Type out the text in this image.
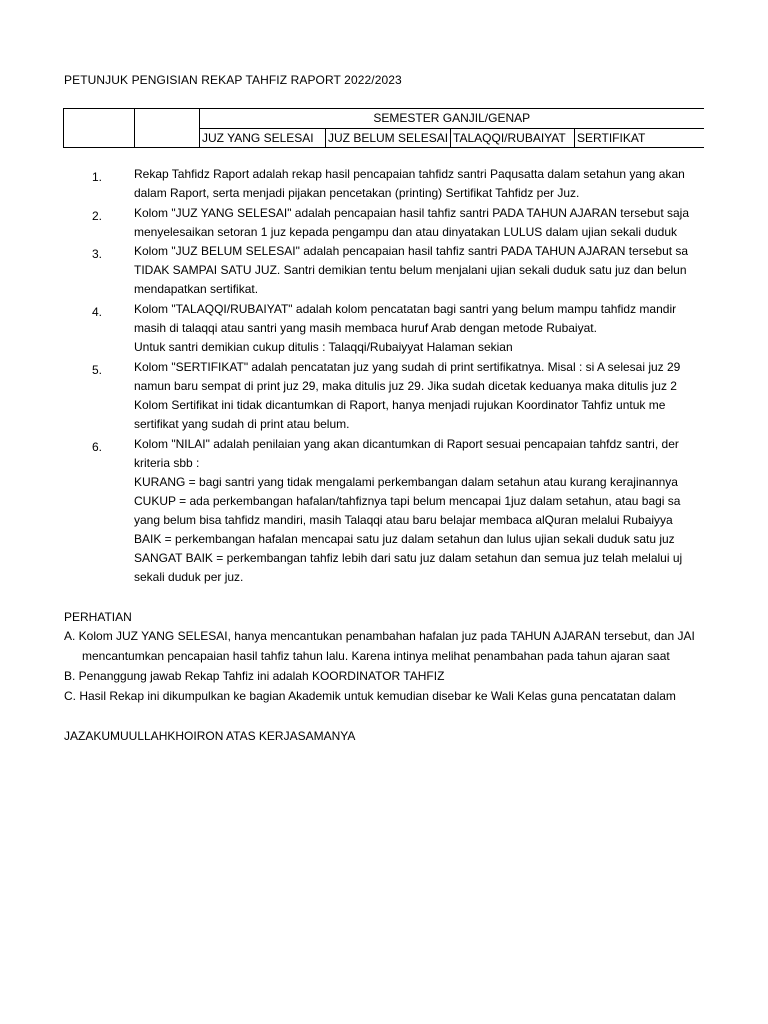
PETUNJUK PENGISIAN REKAP TAHFIZ RAPORT 2022/2023
		SEMESTER GANJIL/GENAP			
		JUZ YANG SELESAI	JUZ BELUM SELESAI	TALAQQI/RUBAIYAT	SERTIFIKAT
1.	Rekap Tahfidz Raport adalah rekap hasil pencapaian tahfidz santri Paqusatta dalam setahun yang akan
dalam Raport, serta menjadi pijakan pencetakan (printing) Sertifikat Tahfidz per Juz.
2.	Kolom "JUZ YANG SELESAI" adalah pencapaian hasil tahfiz santri PADA TAHUN AJARAN tersebut saja
menyelesaikan setoran 1 juz kepada pengampu dan atau dinyatakan LULUS dalam ujian sekali duduk
3.	Kolom "JUZ BELUM SELESAI" adalah pencapaian hasil tahfiz santri PADA TAHUN AJARAN tersebut sa
TIDAK SAMPAI SATU JUZ. Santri demikian tentu belum menjalani ujian sekali duduk satu juz dan belun
mendapatkan sertifikat.
4.	Kolom "TALAQQI/RUBAIYAT" adalah kolom pencatatan bagi santri yang belum mampu tahfidz mandir
masih di talaqqi atau santri yang masih membaca huruf Arab dengan metode Rubaiyat.
Untuk santri demikian cukup ditulis : Talaqqi/Rubaiyyat Halaman sekian
5.	Kolom "SERTIFIKAT" adalah pencatatan juz yang sudah di print sertifikatnya. Misal : si A selesai juz 29
namun baru sempat di print juz 29, maka ditulis juz 29. Jika sudah dicetak keduanya maka ditulis juz 2
Kolom Sertifikat ini tidak dicantumkan di Raport, hanya menjadi rujukan Koordinator Tahfiz untuk me
sertifikat yang sudah di print atau belum.
6.	Kolom "NILAI" adalah penilaian yang akan dicantumkan di Raport sesuai pencapaian tahfdz santri, der
kriteria sbb :
KURANG = bagi santri yang tidak mengalami perkembangan dalam setahun atau kurang kerajinannya
CUKUP = ada perkembangan hafalan/tahfiznya tapi belum mencapai 1juz dalam setahun, atau bagi sa
yang belum bisa tahfidz mandiri, masih Talaqqi atau baru belajar membaca alQuran melalui Rubaiyya
BAIK = perkembangan hafalan mencapai satu juz dalam setahun dan lulus ujian sekali duduk satu juz
SANGAT BAIK = perkembangan tahfiz lebih dari satu juz dalam setahun dan semua juz telah melalui uj
sekali duduk per juz.
PERHATIAN
A. Kolom JUZ YANG SELESAI, hanya mencantukan penambahan hafalan juz pada TAHUN AJARAN tersebut, dan JAI
mencantumkan pencapaian hasil tahfiz tahun lalu. Karena intinya melihat penambahan pada tahun ajaran saat
B. Penanggung jawab Rekap Tahfiz ini adalah KOORDINATOR TAHFIZ
C. Hasil Rekap ini dikumpulkan ke bagian Akademik untuk kemudian disebar ke Wali Kelas guna pencatatan dalam
JAZAKUMUULLAHKHOIRON ATAS KERJASAMANYA
